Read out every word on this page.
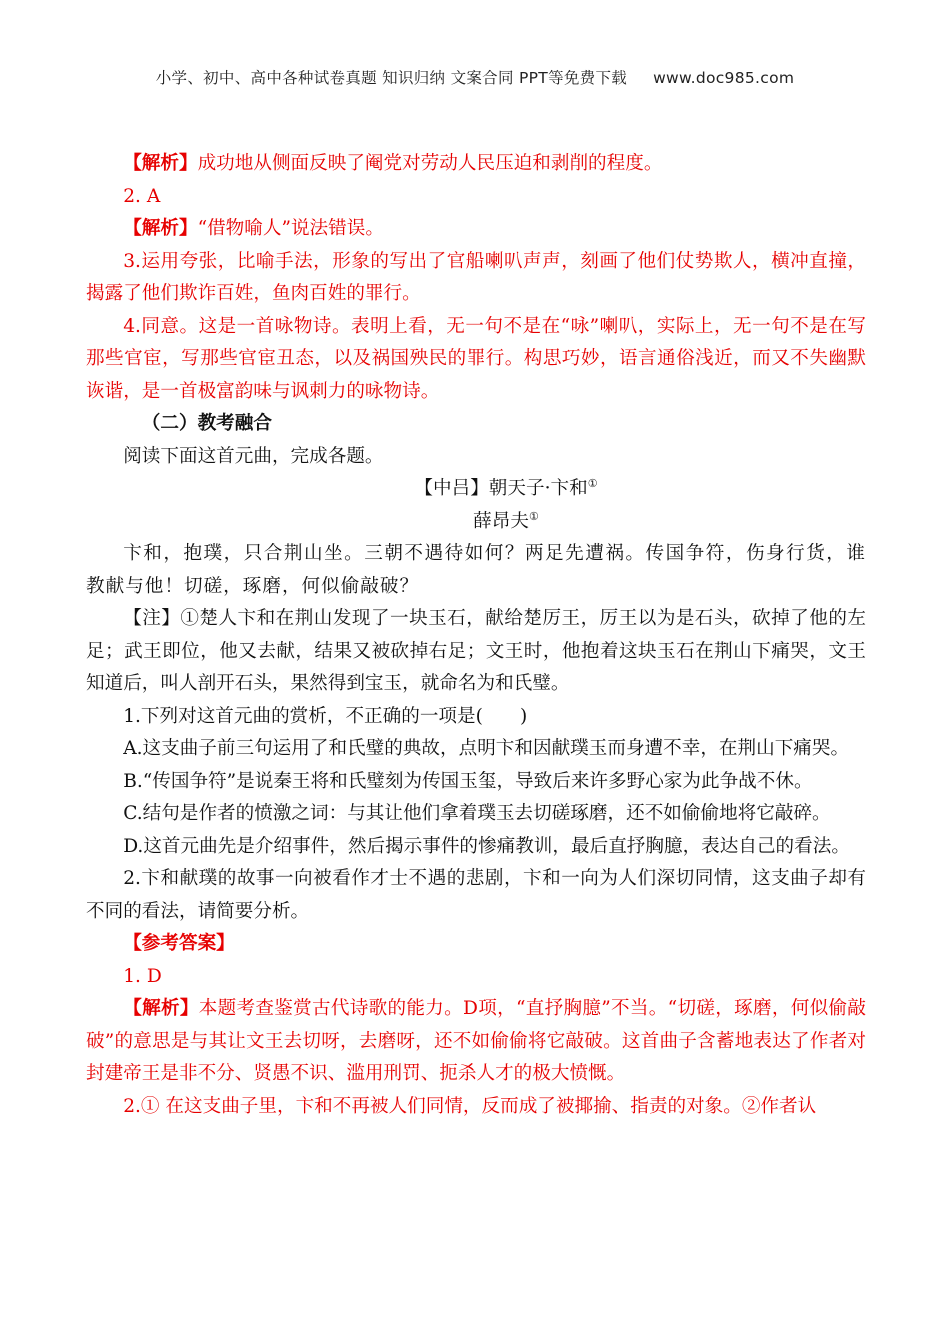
小学、初中、高中各种试卷真题 知识归纳 文案合同 PPT等免费下载 www.doc985.com

【解析】成功地从侧面反映了阉党对劳动人民压迫和剥削的程度。

2. A

【解析】“借物喻人”说法错误。

3.运用夸张，比喻手法，形象的写出了官船喇叭声声，刻画了他们仗势欺人，横冲直撞，揭露了他们欺诈百姓，鱼肉百姓的罪行。

4.同意。这是一首咏物诗。表明上看，无一句不是在“咏”喇叭，实际上，无一句不是在写那些官宦，写那些官宦丑态，以及祸国殃民的罪行。构思巧妙，语言通俗浅近，而又不失幽默诙谐，是一首极富韵味与讽刺力的咏物诗。

（二）教考融合

阅读下面这首元曲，完成各题。

【中吕】朝天子·卞和①

薛昂夫①

卞和，抱璞，只合荆山坐。三朝不遇待如何？两足先遭祸。传国争符，伤身行货，谁教献与他！切磋，琢磨，何似偷敲破？

【注】①楚人卞和在荆山发现了一块玉石，献给楚厉王，厉王以为是石头，砍掉了他的左足；武王即位，他又去献，结果又被砍掉右足；文王时，他抱着这块玉石在荆山下痛哭，文王知道后，叫人剖开石头，果然得到宝玉，就命名为和氏璧。

1.下列对这首元曲的赏析，不正确的一项是(　　)

A.这支曲子前三句运用了和氏璧的典故，点明卞和因献璞玉而身遭不幸，在荆山下痛哭。

B.“传国争符”是说秦王将和氏璧刻为传国玉玺，导致后来许多野心家为此争战不休。

C.结句是作者的愤激之词：与其让他们拿着璞玉去切磋琢磨，还不如偷偷地将它敲碎。

D.这首元曲先是介绍事件，然后揭示事件的惨痛教训，最后直抒胸臆，表达自己的看法。

2.卞和献璞的故事一向被看作才士不遇的悲剧，卞和一向为人们深切同情，这支曲子却有不同的看法，请简要分析。

【参考答案】

1. D

【解析】本题考查鉴赏古代诗歌的能力。D项，“直抒胸臆”不当。“切磋，琢磨，何似偷敲破”的意思是与其让文王去切呀，去磨呀，还不如偷偷将它敲破。这首曲子含蓄地表达了作者对封建帝王是非不分、贤愚不识、滥用刑罚、扼杀人才的极大愤慨。

2.① 在这支曲子里，卞和不再被人们同情，反而成了被揶揄、指责的对象。②作者认
